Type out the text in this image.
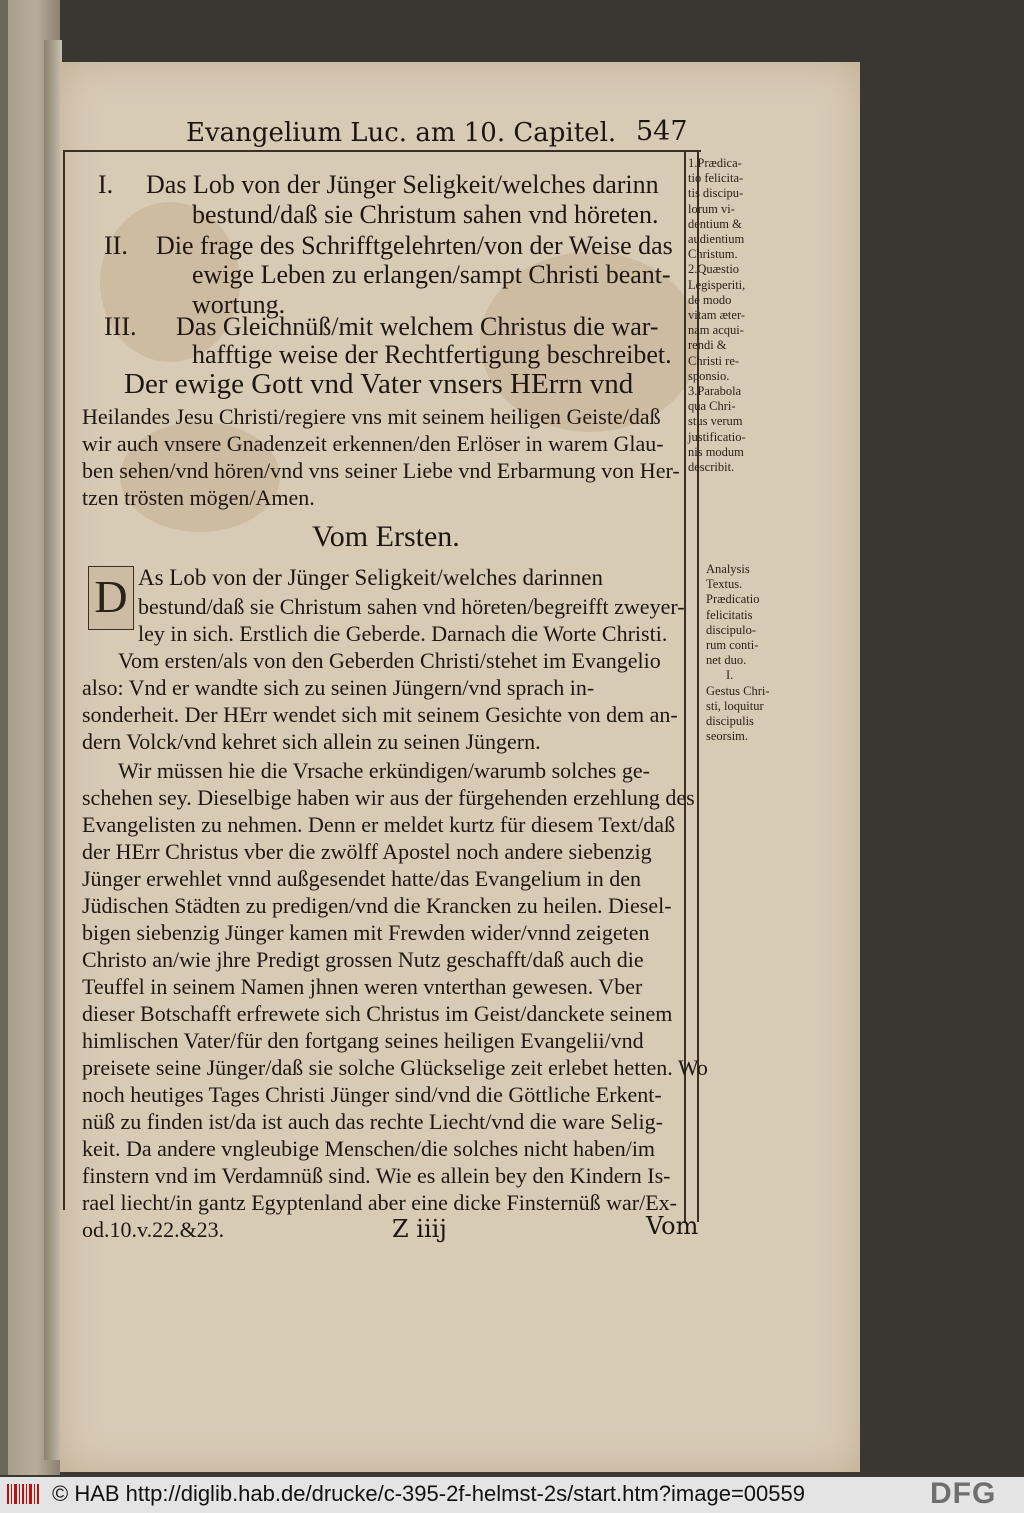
Evangelium Luc. am 10. Capitel. 547
I. Das Lob von der Jünger Seligkeit/welches darinn
bestund/daß sie Christum sahen vnd höreten.
II. Die frage des Schrifftgelehrten/von der Weise das
ewige Leben zu erlangen/sampt Christi beant-
wortung.
III. Das Gleichnüß/mit welchem Christus die war-
hafftige weise der Rechtfertigung beschreibet.
Der ewige Gott vnd Vater vnsers HErrn vnd
Heilandes Jesu Christi/regiere vns mit seinem heiligen Geiste/daß
wir auch vnsere Gnadenzeit erkennen/den Erlöser in warem Glau-
ben sehen/vnd hören/vnd vns seiner Liebe vnd Erbarmung von Her-
tzen trösten mögen/Amen.
Vom Ersten.
D As Lob von der Jünger Seligkeit/welches darinnen
bestund/daß sie Christum sahen vnd höreten/begreifft zweyer-
ley in sich. Erstlich die Geberde. Darnach die Worte Christi.
Vom ersten/als von den Geberden Christi/stehet im Evangelio
also: Vnd er wandte sich zu seinen Jüngern/vnd sprach in-
sonderheit. Der HErr wendet sich mit seinem Gesichte von dem an-
dern Volck/vnd kehret sich allein zu seinen Jüngern.
Wir müssen hie die Vrsache erkündigen/warumb solches ge-
schehen sey. Dieselbige haben wir aus der fürgehenden erzehlung des
Evangelisten zu nehmen. Denn er meldet kurtz für diesem Text/daß
der HErr Christus vber die zwölff Apostel noch andere siebenzig
Jünger erwehlet vnnd außgesendet hatte/das Evangelium in den
Jüdischen Städten zu predigen/vnd die Krancken zu heilen. Diesel-
bigen siebenzig Jünger kamen mit Frewden wider/vnnd zeigeten
Christo an/wie jhre Predigt grossen Nutz geschafft/daß auch die
Teuffel in seinem Namen jhnen weren vnterthan gewesen. Vber
dieser Botschafft erfrewete sich Christus im Geist/danckete seinem
himlischen Vater/für den fortgang seines heiligen Evangelii/vnd
preisete seine Jünger/daß sie solche Glückselige zeit erlebet hetten. Wo
noch heutiges Tages Christi Jünger sind/vnd die Göttliche Erkent-
nüß zu finden ist/da ist auch das rechte Liecht/vnd die ware Selig-
keit. Da andere vngleubige Menschen/die solches nicht haben/im
finstern vnd im Verdamnüß sind. Wie es allein bey den Kindern Is-
rael liecht/in gantz Egyptenland aber eine dicke Finsternüß war/Ex-
od.10.v.22.&23.
1.Prædica-
tio felicita-
tis discipu-
lorum vi-
dentium &
audientium
Christum.
2.Quæstio
Legisperiti,
de modo
vitam æter-
nam acqui-
rendi &
Christi re-
sponsio.
3.Parabola
qua Chri-
stus verum
justificatio-
nis modum
describit.
Analysis
Textus.
Prædicatio
felicitatis
discipulo-
rum conti-
net duo.
I.
Gestus Chri-
sti, loquitur
discipulis
seorsim.
Z iiij	Vom
© HAB http://diglib.hab.de/drucke/c-395-2f-helmst-2s/start.htm?image=00559	DFG
